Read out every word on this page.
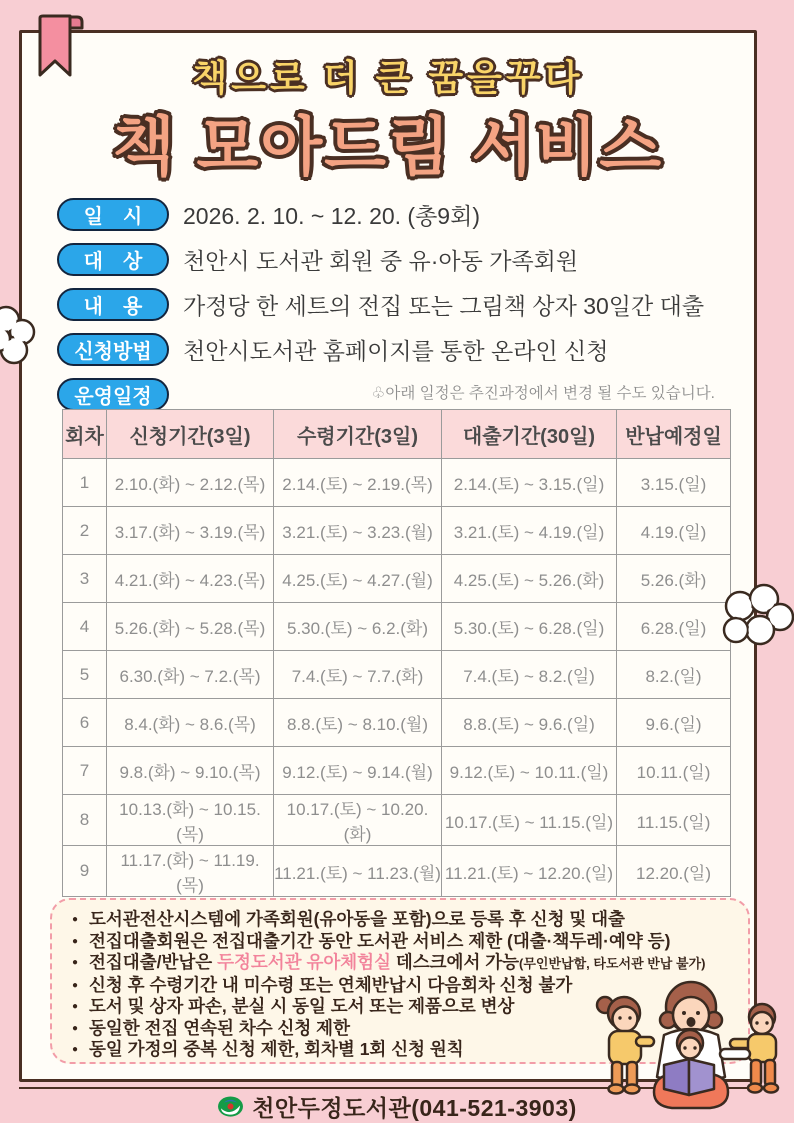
책으로 더 큰 꿈을꾸다
책 모아드림 서비스
일　시	2026. 2. 10. ~ 12. 20. (총9회)
대　상	천안시 도서관 회원 중 유·아동 가족회원
내　용	가정당 한 세트의 전집 또는 그림책 상자 30일간 대출
신청방법	천안시도서관 홈페이지를 통한 온라인 신청
운영일정	♧아래 일정은 추진과정에서 변경 될 수도 있습니다.
회차	신청기간(3일)	수령기간(3일)	대출기간(30일)	반납예정일
1	2.10.(화) ~ 2.12.(목)	2.14.(토) ~ 2.19.(목)	2.14.(토) ~ 3.15.(일)	3.15.(일)
2	3.17.(화) ~ 3.19.(목)	3.21.(토) ~ 3.23.(월)	3.21.(토) ~ 4.19.(일)	4.19.(일)
3	4.21.(화) ~ 4.23.(목)	4.25.(토) ~ 4.27.(월)	4.25.(토) ~ 5.26.(화)	5.26.(화)
4	5.26.(화) ~ 5.28.(목)	5.30.(토) ~ 6.2.(화)	5.30.(토) ~ 6.28.(일)	6.28.(일)
5	6.30.(화) ~ 7.2.(목)	7.4.(토) ~ 7.7.(화)	7.4.(토) ~ 8.2.(일)	8.2.(일)
6	8.4.(화) ~ 8.6.(목)	8.8.(토) ~ 8.10.(월)	8.8.(토) ~ 9.6.(일)	9.6.(일)
7	9.8.(화) ~ 9.10.(목)	9.12.(토) ~ 9.14.(월)	9.12.(토) ~ 10.11.(일)	10.11.(일)
8	10.13.(화) ~ 10.15.(목)	10.17.(토) ~ 10.20.(화)	10.17.(토) ~ 11.15.(일)	11.15.(일)
9	11.17.(화) ~ 11.19.(목)	11.21.(토) ~ 11.23.(월)	11.21.(토) ~ 12.20.(일)	12.20.(일)
● 도서관전산시스템에 가족회원(유아동을 포함)으로 등록 후 신청 및 대출
● 전집대출회원은 전집대출기간 동안 도서관 서비스 제한 (대출·책두레·예약 등)
● 전집대출/반납은 두정도서관 유아체험실 데스크에서 가능(무인반납함, 타도서관 반납 불가)
● 신청 후 수령기간 내 미수령 또는 연체반납시 다음회차 신청 불가
● 도서 및 상자 파손, 분실 시 동일 도서 또는 제품으로 변상
● 동일한 전집 연속된 차수 신청 제한
● 동일 가정의 중복 신청 제한, 회차별 1회 신청 원칙
천안두정도서관(041-521-3903)
